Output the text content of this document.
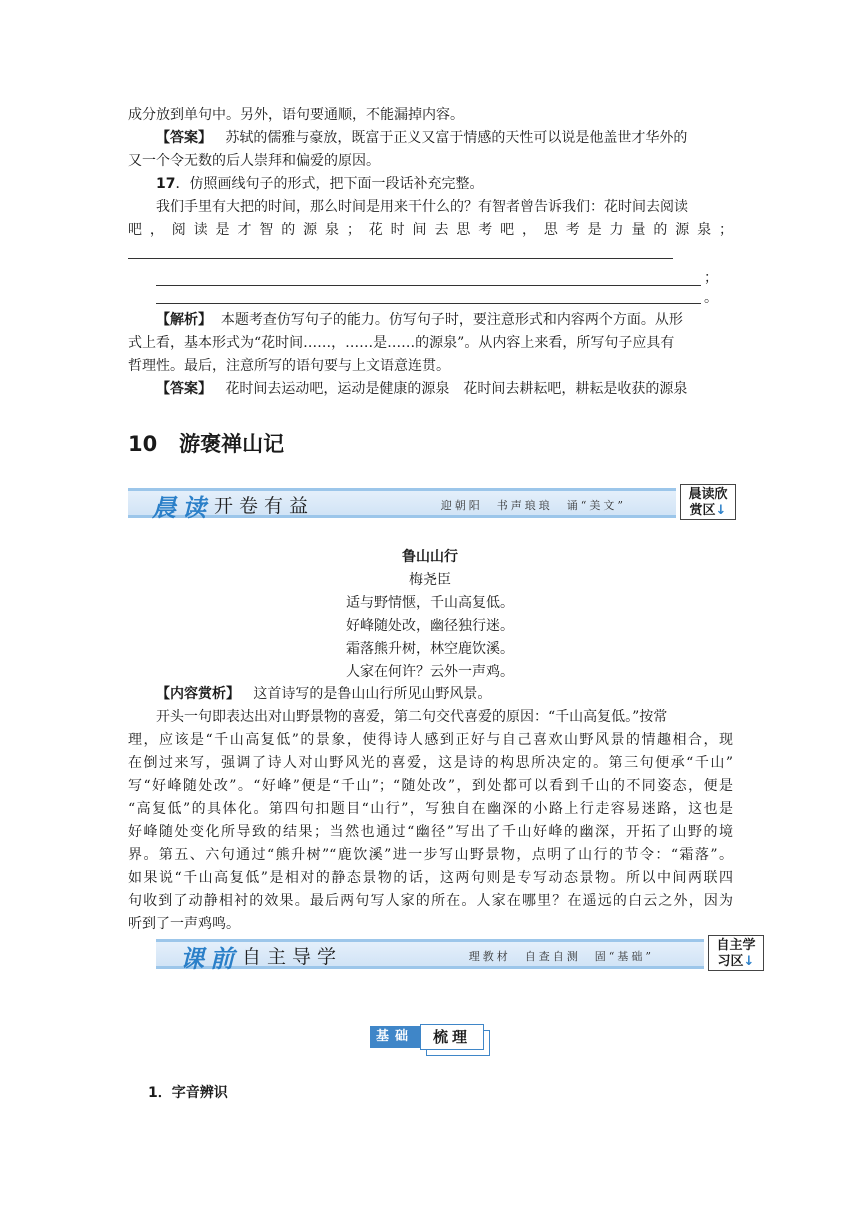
成分放到单句中。另外，语句要通顺，不能漏掉内容。
【答案】 苏轼的儒雅与豪放，既富于正义又富于情感的天性可以说是他盖世才华外的
又一个令无数的后人崇拜和偏爱的原因。
17．仿照画线句子的形式，把下面一段话补充完整。
我们手里有大把的时间，那么时间是用来干什么的？有智者曾告诉我们：花时间去阅读
吧，阅读是才智的源泉；花时间去思考吧，思考是力量的源泉；
；
。
【解析】 本题考查仿写句子的能力。仿写句子时，要注意形式和内容两个方面。从形
式上看，基本形式为“花时间……，……是……的源泉”。从内容上来看，所写句子应具有
哲理性。最后，注意所写的语句要与上文语意连贯。
【答案】 花时间去运动吧，运动是健康的源泉　花时间去耕耘吧，耕耘是收获的源泉
10 游褒禅山记
晨读 开卷有益	迎朝阳　书声琅琅　诵“美文”
晨读欣
赏区↓
鲁山山行
梅尧臣
适与野情惬，千山高复低。
好峰随处改，幽径独行迷。
霜落熊升树，林空鹿饮溪。
人家在何许？云外一声鸡。
【内容赏析】 这首诗写的是鲁山山行所见山野风景。
开头一句即表达出对山野景物的喜爱，第二句交代喜爱的原因：“千山高复低。”按常
理，应该是“千山高复低”的景象，使得诗人感到正好与自己喜欢山野风景的情趣相合，现
在倒过来写，强调了诗人对山野风光的喜爱，这是诗的构思所决定的。第三句便承“千山”
写“好峰随处改”。“好峰”便是“千山”；“随处改”，到处都可以看到千山的不同姿态，便是
“高复低”的具体化。第四句扣题目“山行”，写独自在幽深的小路上行走容易迷路，这也是
好峰随处变化所导致的结果；当然也通过“幽径”写出了千山好峰的幽深，开拓了山野的境
界。第五、六句通过“熊升树”“鹿饮溪”进一步写山野景物，点明了山行的节令：“霜落”。
如果说“千山高复低”是相对的静态景物的话，这两句则是专写动态景物。所以中间两联四
句收到了动静相衬的效果。最后两句写人家的所在。人家在哪里？在遥远的白云之外，因为
听到了一声鸡鸣。
课前 自主导学	理教材　自查自测　固“基础”
自主学
习区↓
基础	梳理
1．字音辨识
